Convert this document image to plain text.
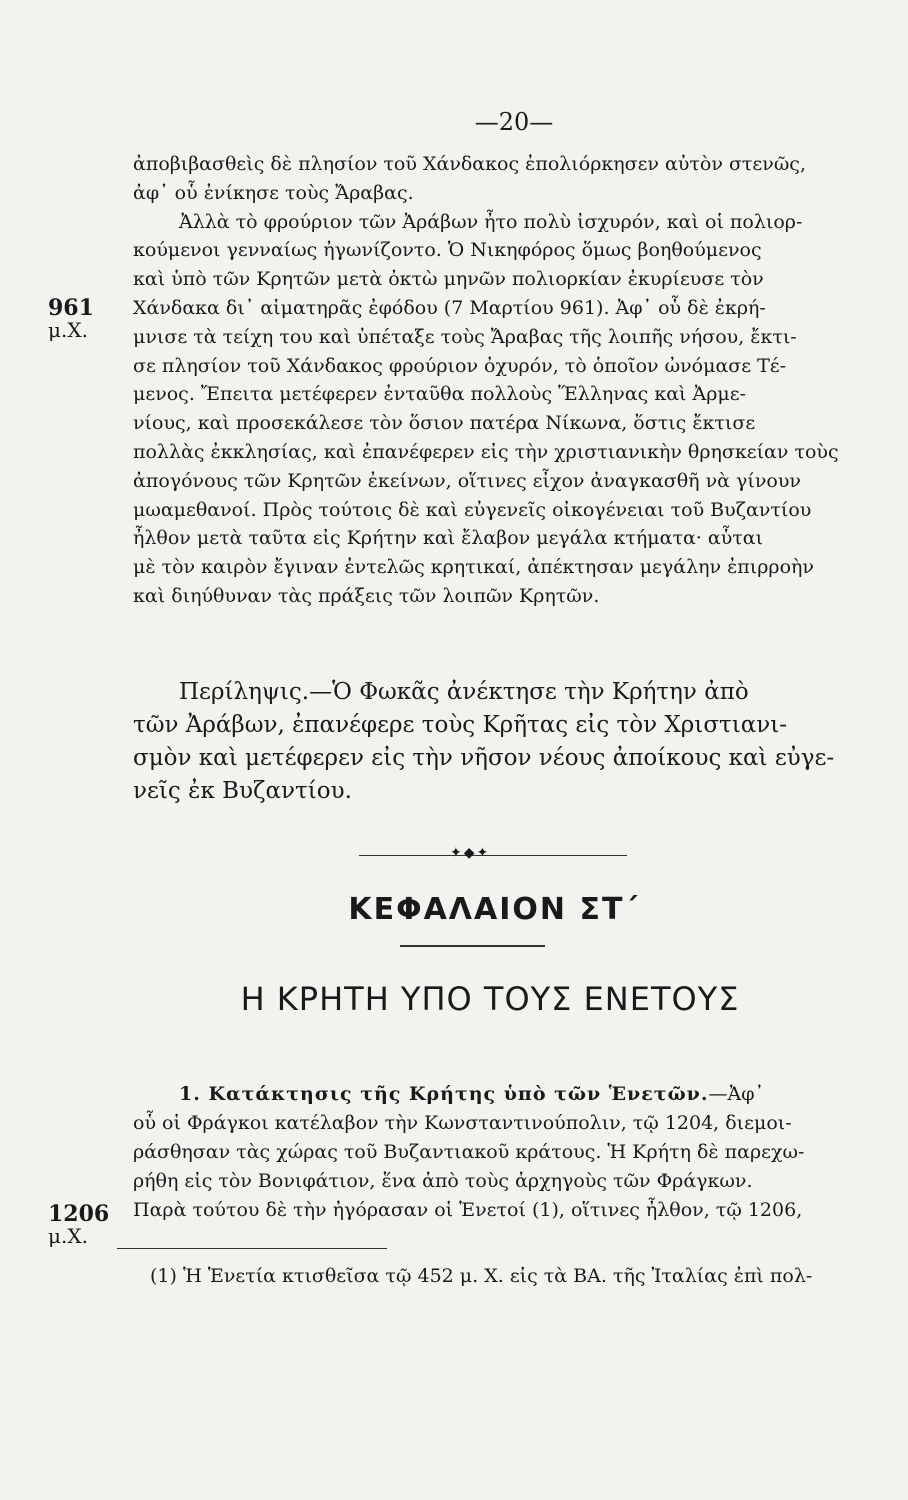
—20—
ἀποβιβασθεὶς δὲ πλησίον τοῦ Χάνδακος ἐπολιόρκησεν αὐτὸν στενῶς,
ἀφ᾽ οὗ ἐνίκησε τοὺς Ἄραβας.
Ἀλλὰ τὸ φρούριον τῶν Ἀράβων ἦτο πολὺ ἰσχυρόν, καὶ οἱ πολιορ-
κούμενοι γενναίως ἠγωνίζοντο. Ὁ Νικηφόρος ὅμως βοηθούμενος
καὶ ὑπὸ τῶν Κρητῶν μετὰ ὀκτὼ μηνῶν πολιορκίαν ἐκυρίευσε τὸν
Χάνδακα δι᾽ αἱματηρᾶς ἐφόδου (7 Μαρτίου 961). Ἀφ᾽ οὗ δὲ ἐκρή-
μνισε τὰ τείχη του καὶ ὑπέταξε τοὺς Ἄραβας τῆς λοιπῆς νήσου, ἔκτι-
σε πλησίον τοῦ Χάνδακος φρούριον ὀχυρόν, τὸ ὁποῖον ὠνόμασε Τέ-
μενος. Ἔπειτα μετέφερεν ἐνταῦθα πολλοὺς Ἕλληνας καὶ Ἀρμε-
νίους, καὶ προσεκάλεσε τὸν ὅσιον πατέρα Νίκωνα, ὅστις ἔκτισε
πολλὰς ἐκκλησίας, καὶ ἐπανέφερεν εἰς τὴν χριστιανικὴν θρησκείαν τοὺς
ἀπογόνους τῶν Κρητῶν ἐκείνων, οἵτινες εἶχον ἀναγκασθῆ νὰ γίνουν
μωαμεθανοί. Πρὸς τούτοις δὲ καὶ εὐγενεῖς οἰκογένειαι τοῦ Βυζαντίου
ἦλθον μετὰ ταῦτα εἰς Κρήτην καὶ ἔλαβον μεγάλα κτήματα· αὗται
μὲ τὸν καιρὸν ἔγιναν ἐντελῶς κρητικαί, ἀπέκτησαν μεγάλην ἐπιρροὴν
καὶ διηύθυναν τὰς πράξεις τῶν λοιπῶν Κρητῶν.
961
μ.Χ.
Περίληψις.—Ὁ Φωκᾶς ἀνέκτησε τὴν Κρήτην ἀπὸ
τῶν Ἀράβων, ἐπανέφερε τοὺς Κρῆτας εἰς τὸν Χριστιανι-
σμὸν καὶ μετέφερεν εἰς τὴν νῆσον νέους ἀποίκους καὶ εὐγε-
νεῖς ἐκ Βυζαντίου.
✦◆✦
ΚΕΦΑΛΑΙΟΝ ΣΤ΄
Η ΚΡΗΤΗ ΥΠΟ ΤΟΥΣ ΕΝΕΤΟΥΣ
1. Κατάκτησις τῆς Κρήτης ὑπὸ τῶν Ἑνετῶν.—Ἀφ᾽
οὗ οἱ Φράγκοι κατέλαβον τὴν Κωνσταντινούπολιν, τῷ 1204, διεμοι-
ράσθησαν τὰς χώρας τοῦ Βυζαντιακοῦ κράτους. Ἡ Κρήτη δὲ παρεχω-
ρήθη εἰς τὸν Βονιφάτιον, ἕνα ἀπὸ τοὺς ἀρχηγοὺς τῶν Φράγκων.
Παρὰ τούτου δὲ τὴν ἠγόρασαν οἱ Ἑνετοί (1), οἵτινες ἦλθον, τῷ 1206,
1206
μ.Χ.
(1) Ἡ Ἑνετία κτισθεῖσα τῷ 452 μ. Χ. εἰς τὰ ΒΑ. τῆς Ἰταλίας ἐπὶ πολ-
